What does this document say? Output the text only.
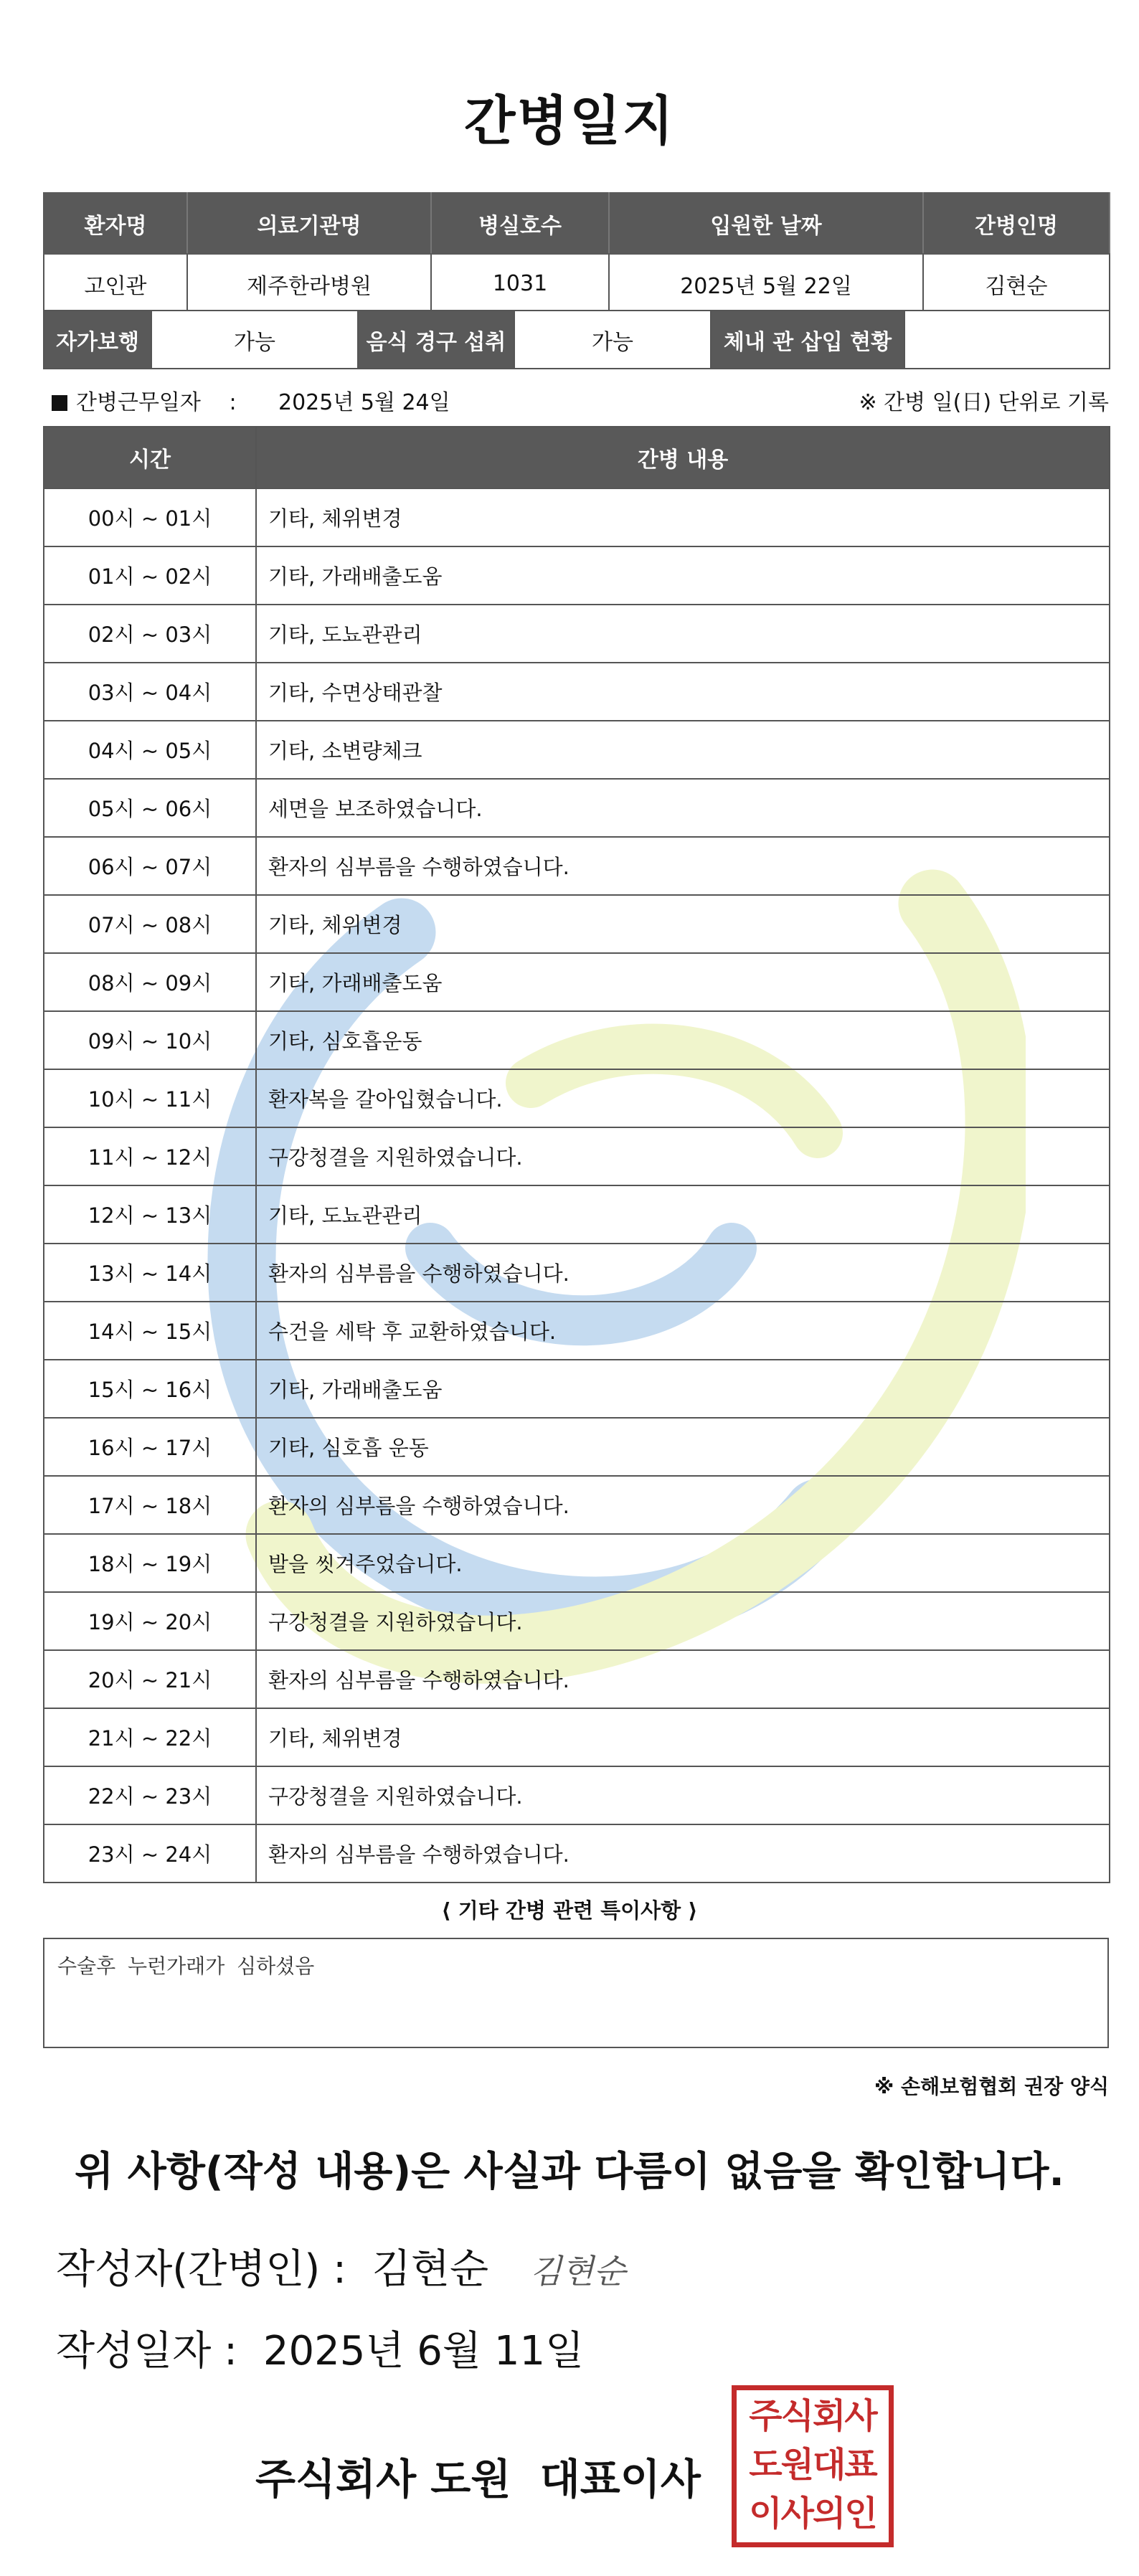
간병일지
환자명	의료기관명	병실호수	입원한 날짜	간병인명
고인관	제주한라병원	1031	2025년 5월 22일	김현순
자가보행	가능	음식 경구 섭취	가능	체내 관 삽입 현황	
간병근무일자 : 2025년 5월 24일	※ 간병 일(日) 단위로 기록
시간	간병 내용
00시 ~ 01시	기타, 체위변경
01시 ~ 02시	기타, 가래배출도움
02시 ~ 03시	기타, 도뇨관관리
03시 ~ 04시	기타, 수면상태관찰
04시 ~ 05시	기타, 소변량체크
05시 ~ 06시	세면을 보조하였습니다.
06시 ~ 07시	환자의 심부름을 수행하였습니다.
07시 ~ 08시	기타, 체위변경
08시 ~ 09시	기타, 가래배출도움
09시 ~ 10시	기타, 심호흡운동
10시 ~ 11시	환자복을 갈아입혔습니다.
11시 ~ 12시	구강청결을 지원하였습니다.
12시 ~ 13시	기타, 도뇨관관리
13시 ~ 14시	환자의 심부름을 수행하였습니다.
14시 ~ 15시	수건을 세탁 후 교환하였습니다.
15시 ~ 16시	기타, 가래배출도움
16시 ~ 17시	기타, 심호흡 운동
17시 ~ 18시	환자의 심부름을 수행하였습니다.
18시 ~ 19시	발을 씻겨주었습니다.
19시 ~ 20시	구강청결을 지원하였습니다.
20시 ~ 21시	환자의 심부름을 수행하였습니다.
21시 ~ 22시	기타, 체위변경
22시 ~ 23시	구강청결을 지원하였습니다.
23시 ~ 24시	환자의 심부름을 수행하였습니다.
⟨ 기타 간병 관련 특이사항 ⟩
수술후 누런가래가 심하셨음
※ 손해보험협회 권장 양식
위 사항(작성 내용)은 사실과 다름이 없음을 확인합니다.
작성자(간병인) : 김현순 김현순
작성일자 : 2025년 6월 11일
주식회사 도원  대표이사
주식회사
도원대표
이사의인
